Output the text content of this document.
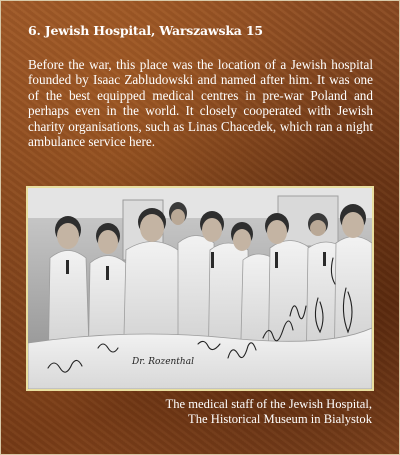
6. Jewish Hospital, Warszawska 15

Before the war, this place was the location of a Jewish hospital founded by Isaac Zabludowski and named after him. It was one of the best equipped medical centres in pre-war Poland and perhaps even in the world. It closely cooperated with Jewish charity organisations, such as Linas Chacedek, which ran a night ambulance service here.

Dr. Rozenthal
The medical staff of the Jewish Hospital,
The Historical Museum in Bialystok
